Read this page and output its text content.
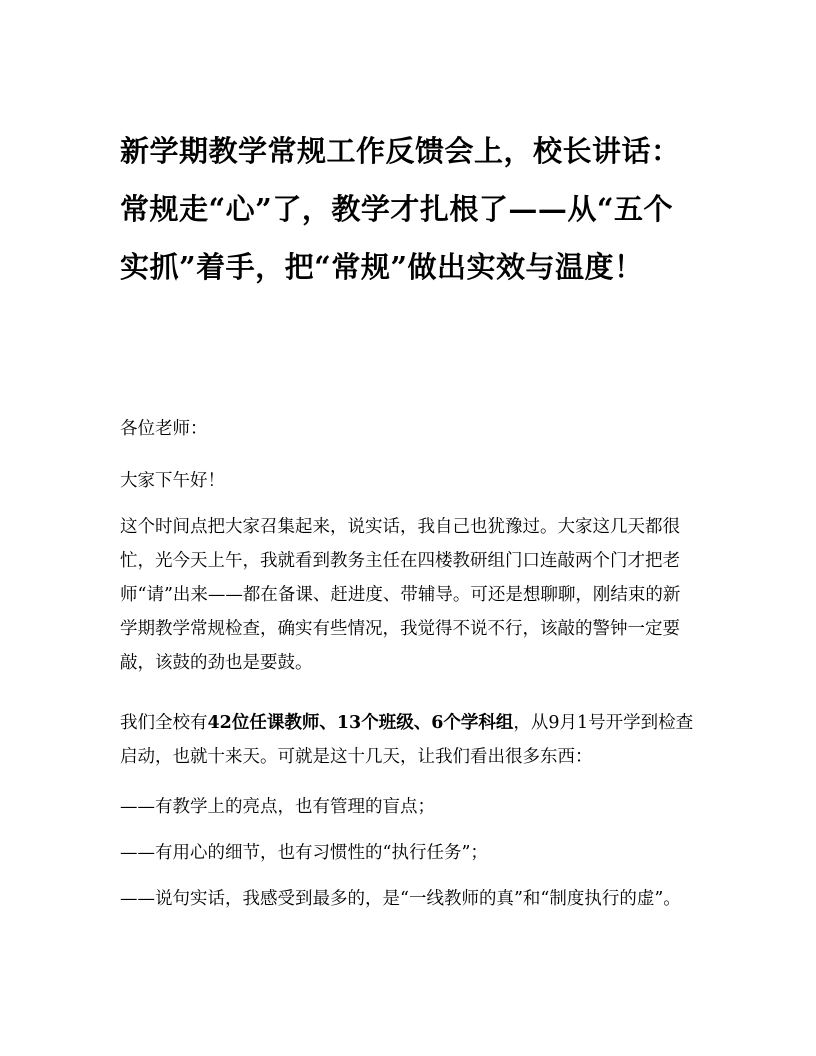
新学期教学常规工作反馈会上，校长讲话：常规走“心”了，教学才扎根了——从“五个实抓”着手，把“常规”做出实效与温度！

各位老师：

大家下午好！

这个时间点把大家召集起来，说实话，我自己也犹豫过。大家这几天都很忙，光今天上午，我就看到教务主任在四楼教研组门口连敲两个门才把老师“请”出来——都在备课、赶进度、带辅导。可还是想聊聊，刚结束的新学期教学常规检查，确实有些情况，我觉得不说不行，该敲的警钟一定要敲，该鼓的劲也是要鼓。

我们全校有42位任课教师、13个班级、6个学科组，从9月1号开学到检查启动，也就十来天。可就是这十几天，让我们看出很多东西：

——有教学上的亮点，也有管理的盲点；

——有用心的细节，也有习惯性的“执行任务”；

——说句实话，我感受到最多的，是“一线教师的真”和“制度执行的虚”。
